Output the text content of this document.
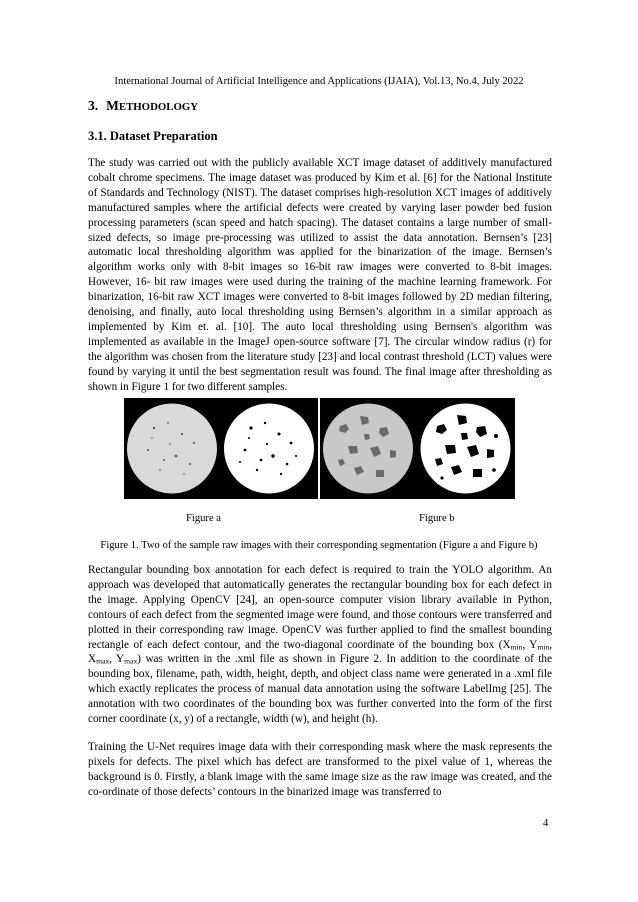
International Journal of Artificial Intelligence and Applications (IJAIA), Vol.13, No.4, July 2022
3. METHODOLOGY
3.1. Dataset Preparation

The study was carried out with the publicly available XCT image dataset of additively manufactured cobalt chrome specimens. The image dataset was produced by Kim et al. [6] for the National Institute of Standards and Technology (NIST). The dataset comprises high-resolution XCT images of additively manufactured samples where the artificial defects were created by varying laser powder bed fusion processing parameters (scan speed and hatch spacing). The dataset contains a large number of small-sized defects, so image pre-processing was utilized to assist the data annotation. Bernsen’s [23] automatic local thresholding algorithm was applied for the binarization of the image. Bernsen’s algorithm works only with 8-bit images so 16-bit raw images were converted to 8-bit images. However, 16- bit raw images were used during the training of the machine learning framework. For binarization, 16-bit raw XCT images were converted to 8-bit images followed by 2D median filtering, denoising, and finally, auto local thresholding using Bernsen’s algorithm in a similar approach as implemented by Kim et. al. [10]. The auto local thresholding using Bernsen's algorithm was implemented as available in the ImageJ open-source software [7]. The circular window radius (r) for the algorithm was chosen from the literature study [23] and local contrast threshold (LCT) values were found by varying it until the best segmentation result was found. The final image after thresholding as shown in Figure 1 for two different samples.

Figure a	Figure b
Figure 1. Two of the sample raw images with their corresponding segmentation (Figure a and Figure b)

Rectangular bounding box annotation for each defect is required to train the YOLO algorithm. An approach was developed that automatically generates the rectangular bounding box for each defect in the image. Applying OpenCV [24], an open-source computer vision library available in Python, contours of each defect from the segmented image were found, and those contours were transferred and plotted in their corresponding raw image. OpenCV was further applied to find the smallest bounding rectangle of each defect contour, and the two-diagonal coordinate of the bounding box ($X_{min}$, $Y_{min}$, $X_{max}$, $Y_{max}$) was written in the .xml file as shown in Figure 2. In addition to the coordinate of the bounding box, filename, path, width, height, depth, and object class name were generated in a .xml file which exactly replicates the process of manual data annotation using the software LabelImg [25]. The annotation with two coordinates of the bounding box was further converted into the form of the first corner coordinate (x, y) of a rectangle, width (w), and height (h).

Training the U-Net requires image data with their corresponding mask where the mask represents the pixels for defects. The pixel which has defect are transformed to the pixel value of 1, whereas the background is 0. Firstly, a blank image with the same image size as the raw image was created, and the co-ordinate of those defects’ contours in the binarized image was transferred to

4
